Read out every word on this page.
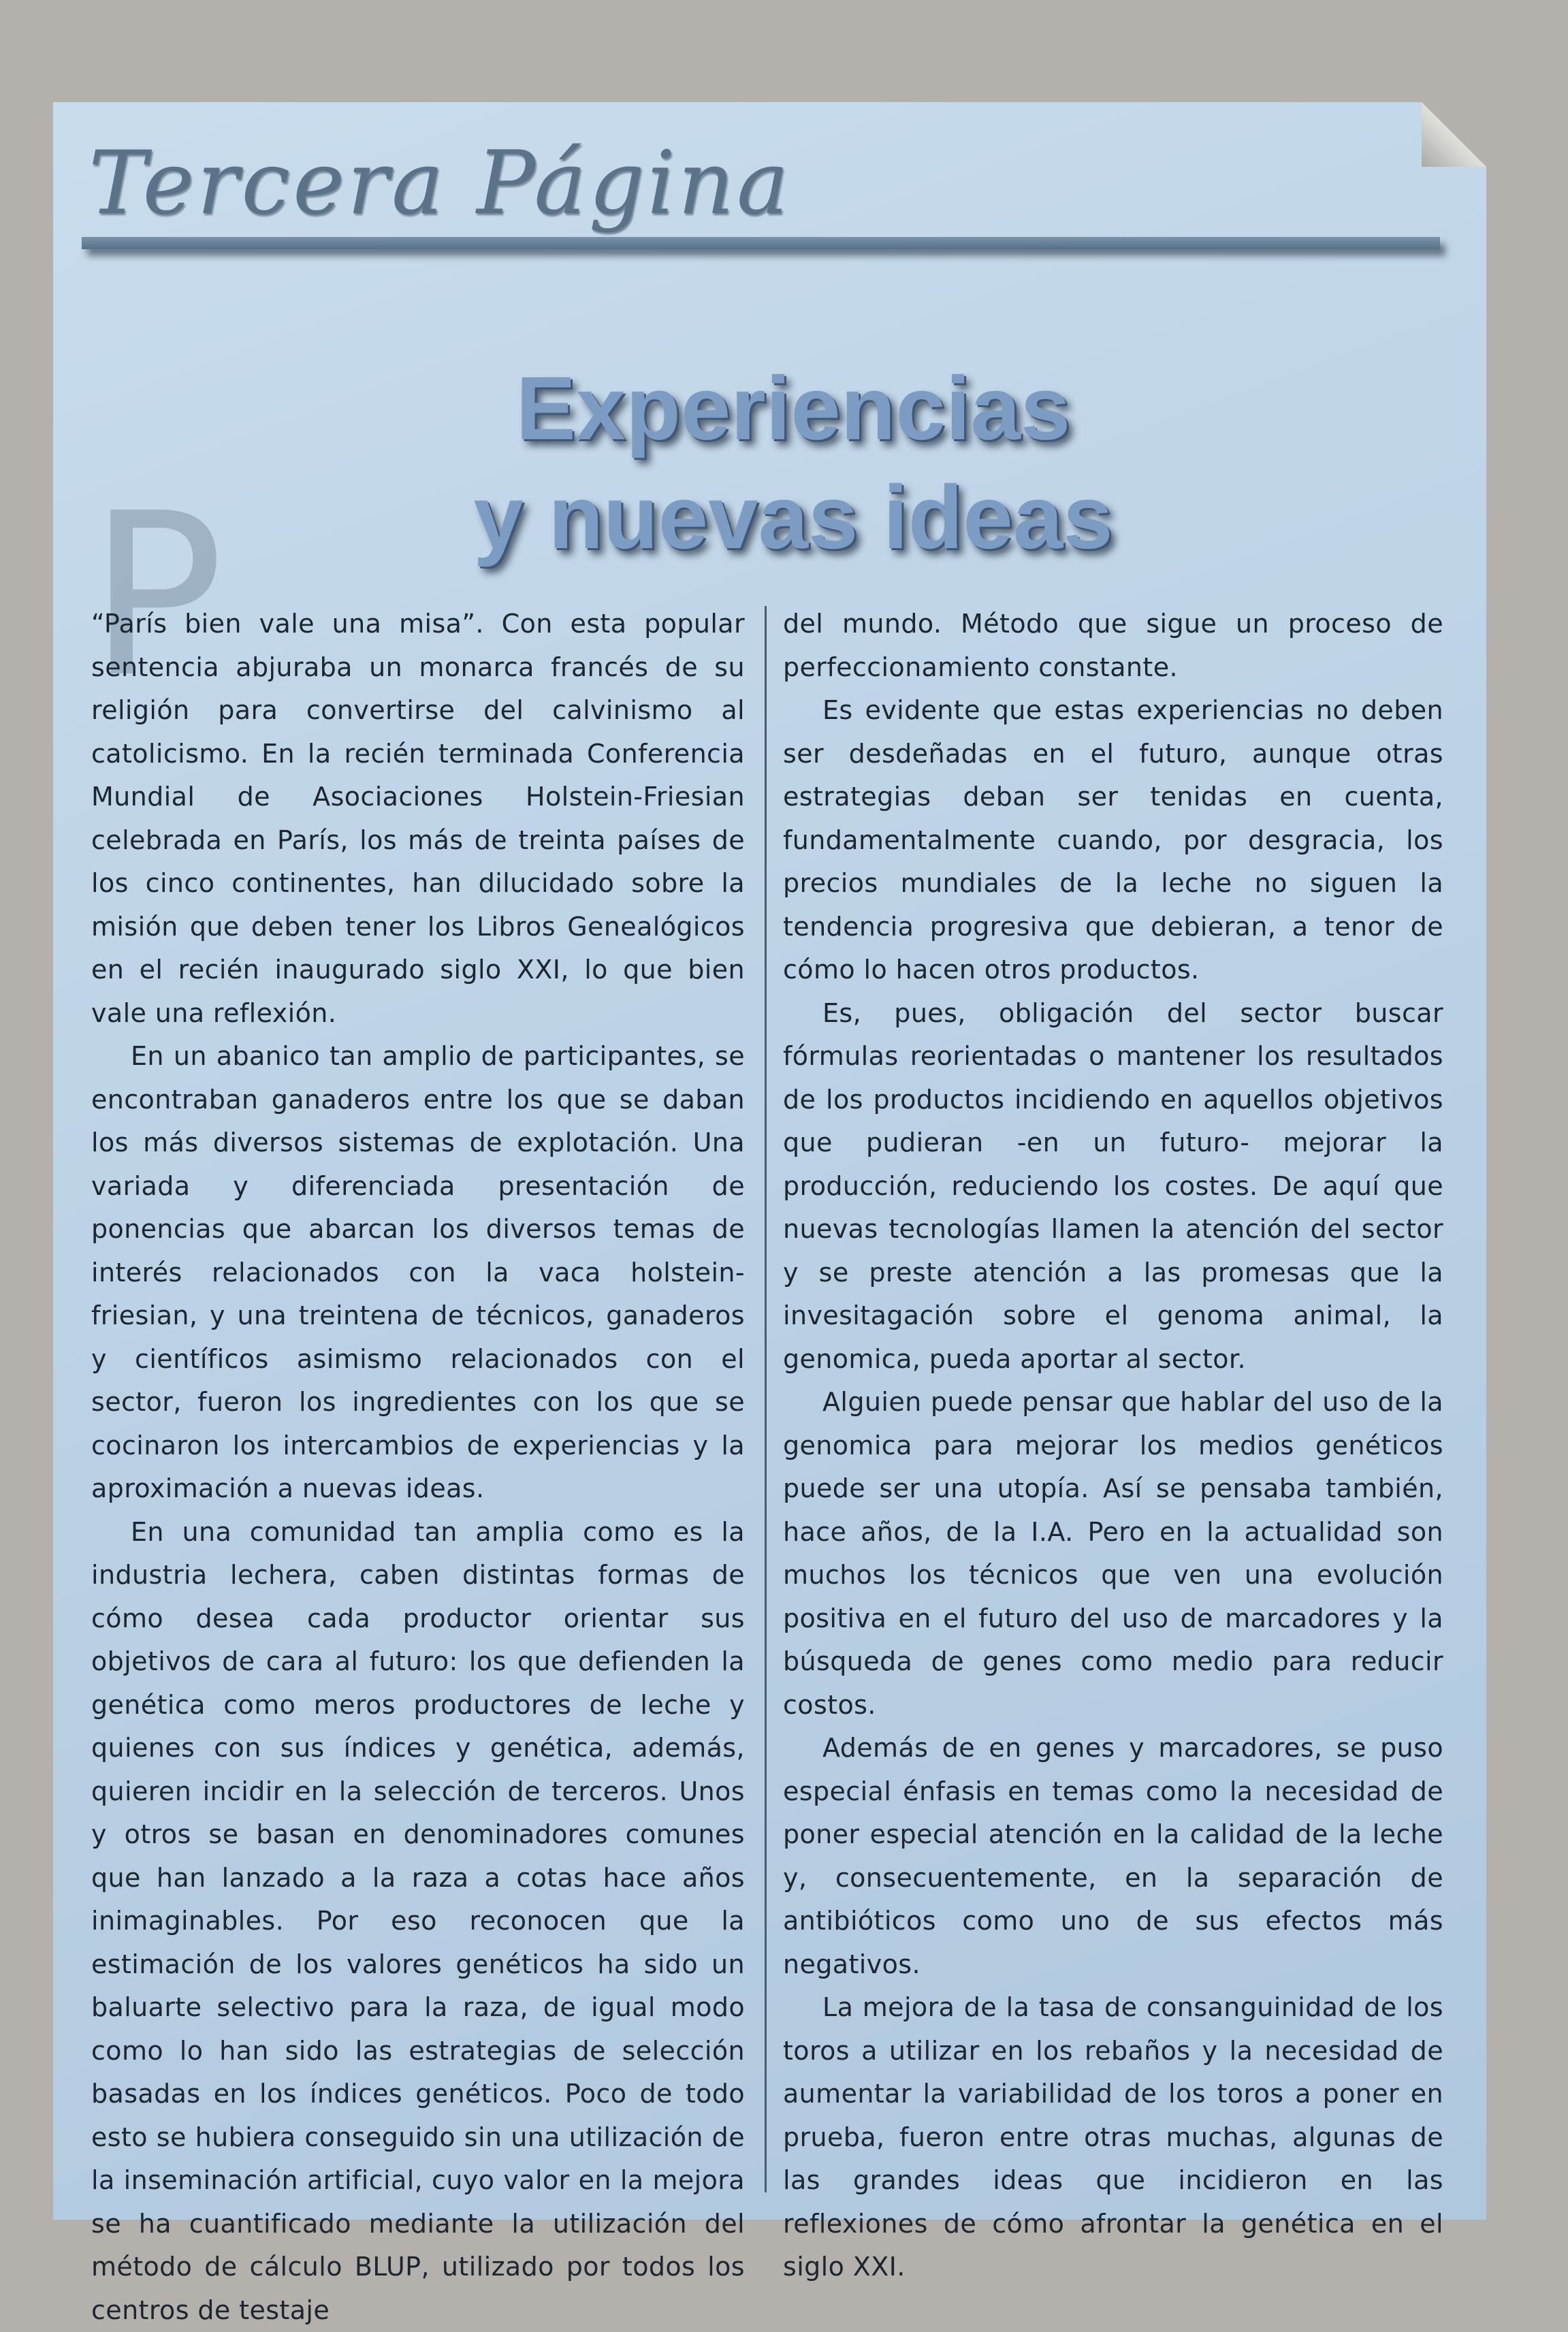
Tercera Página
Experiencias
y nuevas ideas
P

“París bien vale una misa”. Con esta popular sentencia abjuraba un monarca francés de su religión para convertirse del calvinismo al catolicismo. En la recién terminada Conferencia Mundial de Asociaciones Holstein-Friesian celebrada en París, los más de treinta países de los cinco continentes, han dilucidado sobre la misión que deben tener los Libros Genealógicos en el recién inaugurado siglo XXI, lo que bien vale una reflexión.

En un abanico tan amplio de participantes, se encontraban ganaderos entre los que se daban los más diversos sistemas de explotación. Una variada y diferenciada presentación de ponencias que abarcan los diversos temas de interés relacionados con la vaca holstein-friesian, y una treintena de técnicos, ganaderos y científicos asimismo relacionados con el sector, fueron los ingredientes con los que se cocinaron los intercambios de experiencias y la aproximación a nuevas ideas.

En una comunidad tan amplia como es la industria lechera, caben distintas formas de cómo desea cada productor orientar sus objetivos de cara al futuro: los que defienden la genética como meros productores de leche y quienes con sus índices y genética, además, quieren incidir en la selección de terceros. Unos y otros se basan en denominadores comunes que han lanzado a la raza a cotas hace años inimaginables. Por eso reconocen que la estimación de los valores genéticos ha sido un baluarte selectivo para la raza, de igual modo como lo han sido las estrategias de selección basadas en los índices genéticos. Poco de todo esto se hubiera conseguido sin una utilización de la inseminación artificial, cuyo valor en la mejora se ha cuantificado mediante la utilización del método de cálculo BLUP, utilizado por todos los centros de testaje

del mundo. Método que sigue un proceso de perfeccionamiento constante.

Es evidente que estas experiencias no deben ser desdeñadas en el futuro, aunque otras estrategias deban ser tenidas en cuenta, fundamentalmente cuando, por desgracia, los precios mundiales de la leche no siguen la tendencia progresiva que debieran, a tenor de cómo lo hacen otros productos.

Es, pues, obligación del sector buscar fórmulas reorientadas o mantener los resultados de los productos incidiendo en aquellos objetivos que pudieran -en un futuro- mejorar la producción, reduciendo los costes. De aquí que nuevas tecnologías llamen la atención del sector y se preste atención a las promesas que la invesitagación sobre el genoma animal, la genomica, pueda aportar al sector.

Alguien puede pensar que hablar del uso de la genomica para mejorar los medios genéticos puede ser una utopía. Así se pensaba también, hace años, de la I.A. Pero en la actualidad son muchos los técnicos que ven una evolución positiva en el futuro del uso de marcadores y la búsqueda de genes como medio para reducir costos.

Además de en genes y marcadores, se puso especial énfasis en temas como la necesidad de poner especial atención en la calidad de la leche y, consecuentemente, en la separación de antibióticos como uno de sus efectos más negativos.

La mejora de la tasa de consanguinidad de los toros a utilizar en los rebaños y la necesidad de aumentar la variabilidad de los toros a poner en prueba, fueron entre otras muchas, algunas de las grandes ideas que incidieron en las reflexiones de cómo afrontar la genética en el siglo XXI.
